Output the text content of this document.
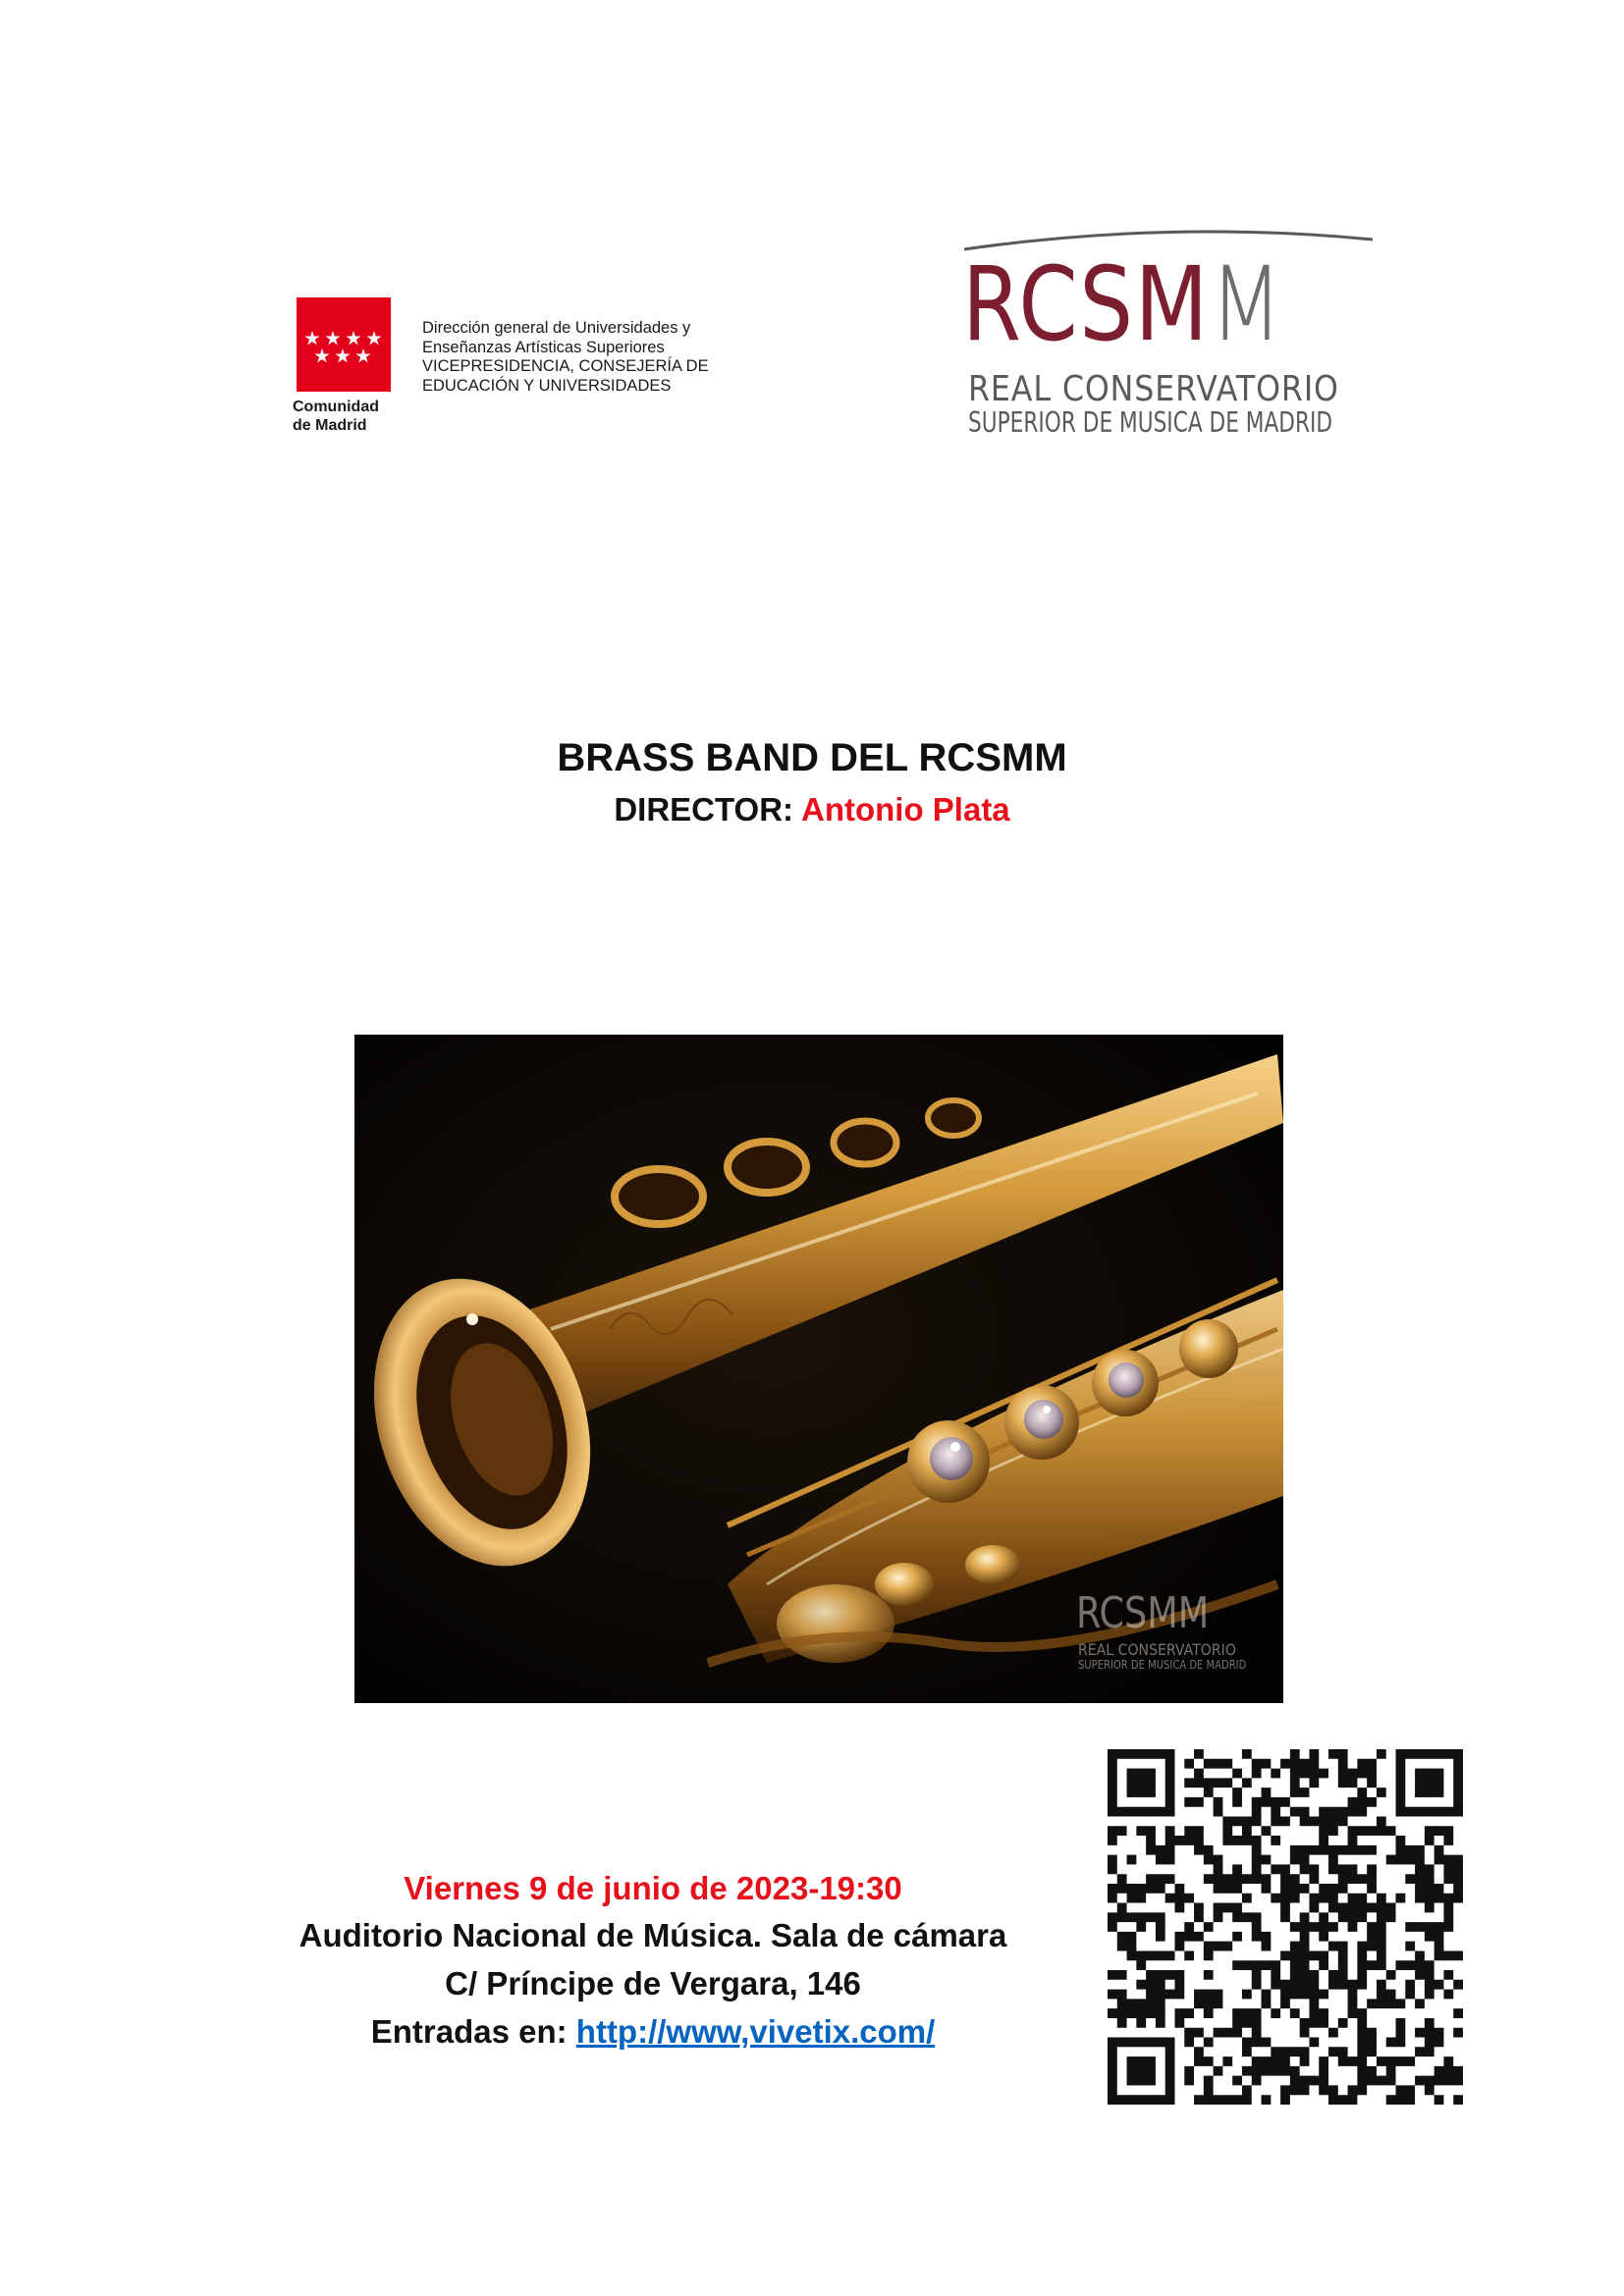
Comunidad
de Madrid
Dirección general de Universidades y
Enseñanzas Artísticas Superiores
VICEPRESIDENCIA, CONSEJERÍA DE
EDUCACIÓN Y UNIVERSIDADES
RCSMM
REAL CONSERVATORIO
SUPERIOR DE MUSICA DE MADRID
BRASS BAND DEL RCSMM
DIRECTOR: Antonio Plata
RCSMM
REAL CONSERVATORIO
SUPERIOR DE MUSICA DE MADRID
Viernes 9 de junio de 2023-19:30
Auditorio Nacional de Música. Sala de cámara
C/ Príncipe de Vergara, 146
Entradas en: http://www,vivetix.com/
